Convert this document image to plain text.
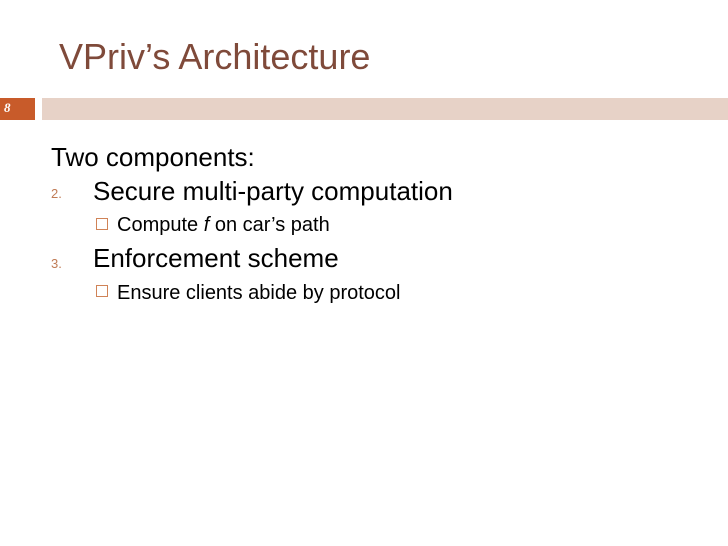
VPriv’s Architecture
8
Two components:
2. Secure multi-party computation
Compute f on car’s path
3. Enforcement scheme
Ensure clients abide by protocol
